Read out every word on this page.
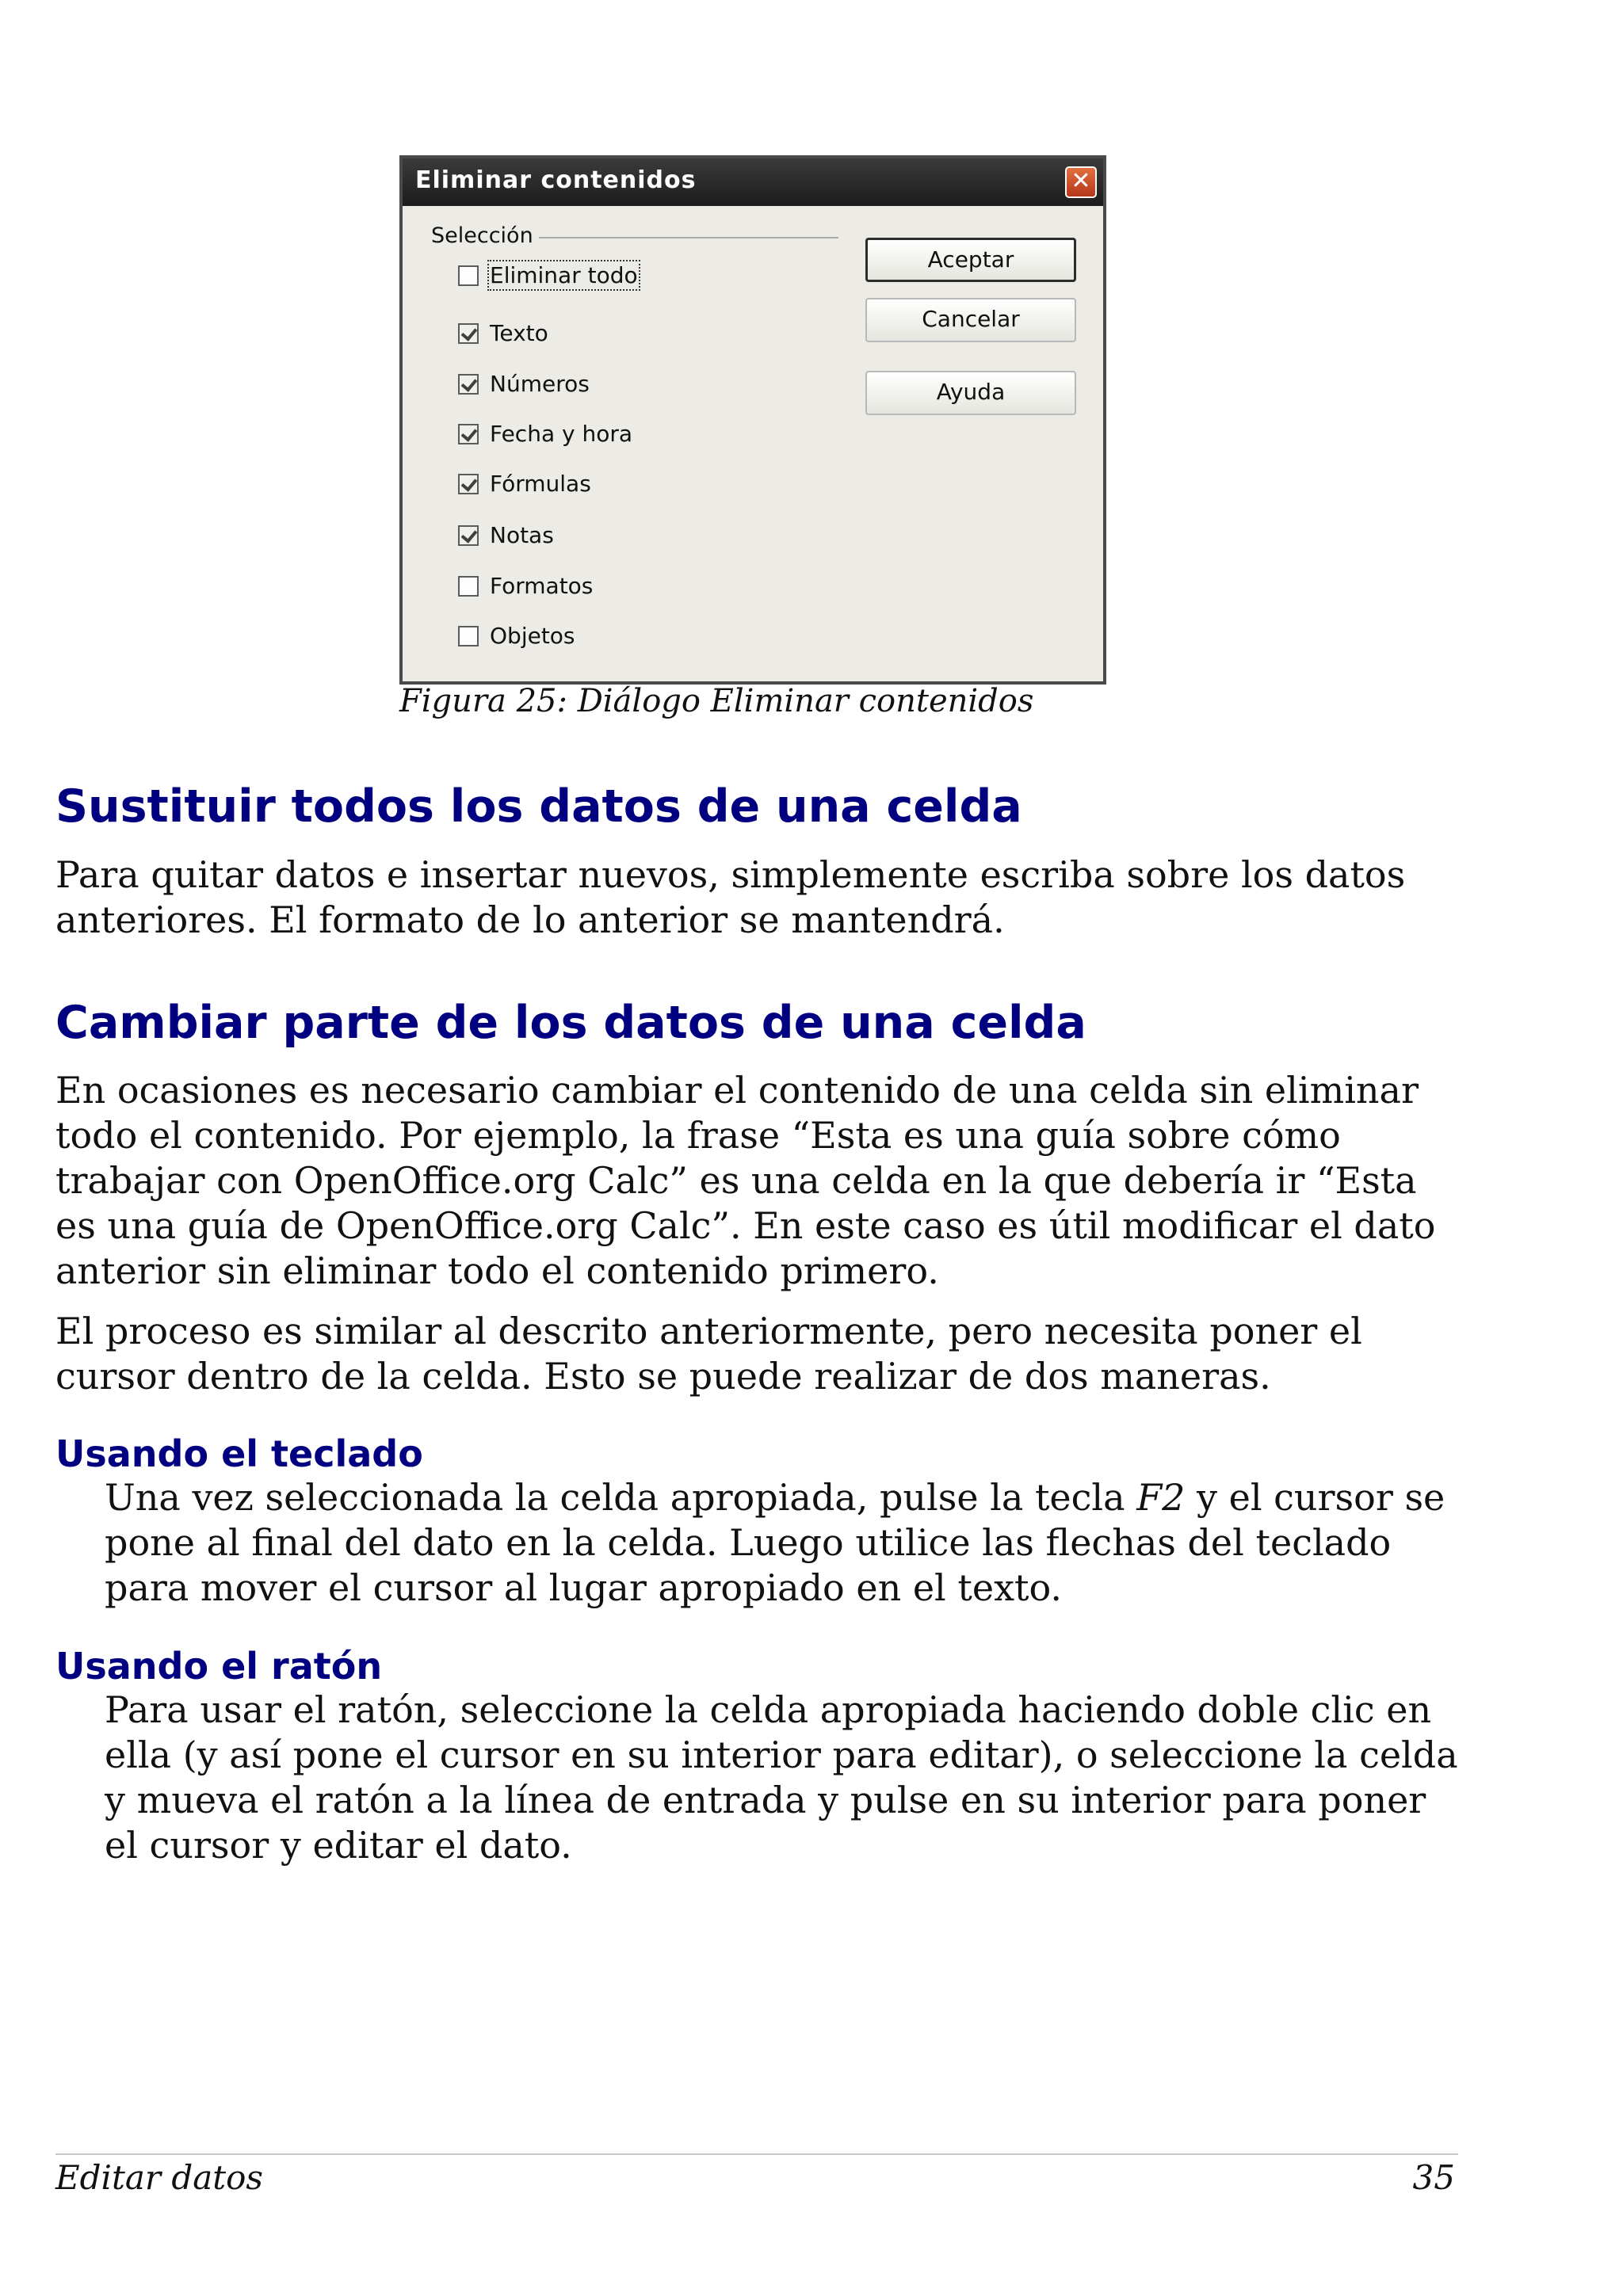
Eliminar contenidos	✕
Selección
Eliminar todo
Texto
Números
Fecha y hora
Fórmulas
Notas
Formatos
Objetos
Aceptar
Cancelar
Ayuda
Figura 25: Diálogo Eliminar contenidos
Sustituir todos los datos de una celda

Para quitar datos e insertar nuevos, simplemente escriba sobre los datos anteriores. El formato de lo anterior se mantendrá.

Cambiar parte de los datos de una celda

En ocasiones es necesario cambiar el contenido de una celda sin eliminar todo el contenido. Por ejemplo, la frase “Esta es una guía sobre cómo trabajar con OpenOffice.org Calc” es una celda en la que debería ir “Esta es una guía de OpenOffice.org Calc”. En este caso es útil modificar el dato anterior sin eliminar todo el contenido primero.

El proceso es similar al descrito anteriormente, pero necesita poner el cursor dentro de la celda. Esto se puede realizar de dos maneras.

Usando el teclado

Una vez seleccionada la celda apropiada, pulse la tecla F2 y el cursor se pone al final del dato en la celda. Luego utilice las flechas del teclado para mover el cursor al lugar apropiado en el texto.

Usando el ratón

Para usar el ratón, seleccione la celda apropiada haciendo doble clic en ella (y así pone el cursor en su interior para editar), o seleccione la celda y mueva el ratón a la línea de entrada y pulse en su interior para poner el cursor y editar el dato.

Editar datos	35
